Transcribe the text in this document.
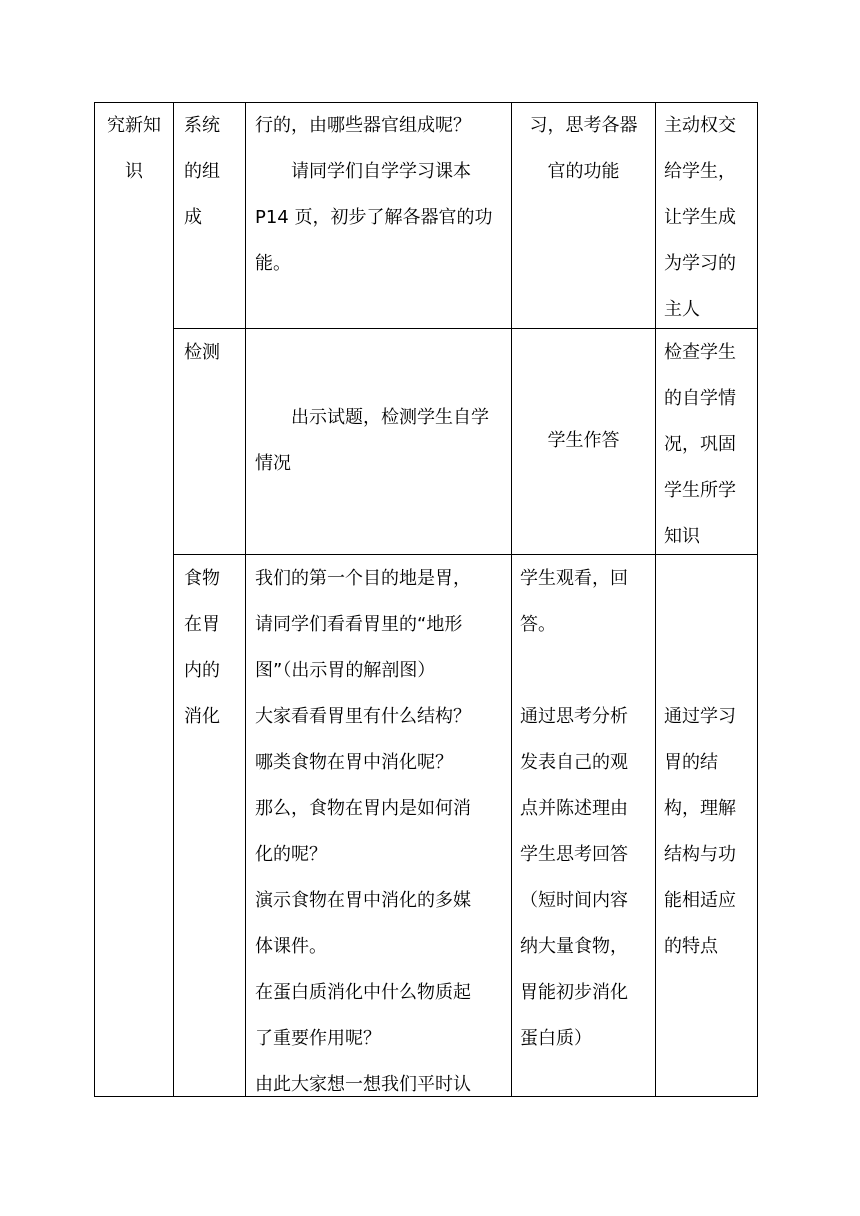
究新知
识
系统
的组
成
行的，由哪些器官组成呢？
　　请同学们自学学习课本
P14 页，初步了解各器官的功
能。
习，思考各器
官的功能
主动权交
给学生，
让学生成
为学习的
主人
检测
　　出示试题，检测学生自学
情况
学生作答
检查学生
的自学情
况，巩固
学生所学
知识
食物
在胃
内的
消化
我们的第一个目的地是胃，
请同学们看看胃里的“地形
图”（出示胃的解剖图）
大家看看胃里有什么结构？
哪类食物在胃中消化呢？
那么，食物在胃内是如何消
化的呢？
演示食物在胃中消化的多媒
体课件。
在蛋白质消化中什么物质起
了重要作用呢？
由此大家想一想我们平时认
学生观看，回
答。
通过思考分析
发表自己的观
点并陈述理由
学生思考回答
（短时间内容
纳大量食物，
胃能初步消化
蛋白质）
通过学习
胃的结
构，理解
结构与功
能相适应
的特点
